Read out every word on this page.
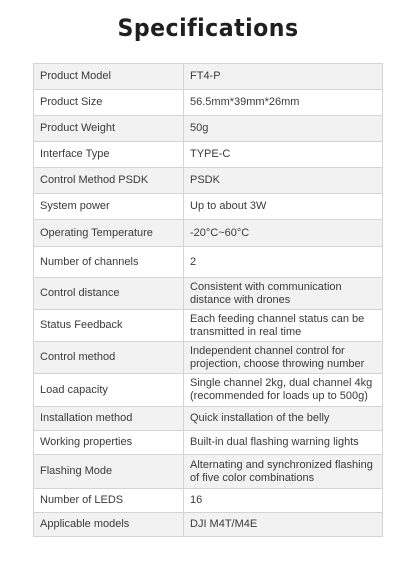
Specifications
Product Model	FT4-P
Product Size	56.5mm*39mm*26mm
Product Weight	50g
Interface Type	TYPE-C
Control Method PSDK	PSDK
System power	Up to about 3W
Operating Temperature	-20°C~60°C
Number of channels	2
Control distance	Consistent with communication distance with drones
Status Feedback	Each feeding channel status can be transmitted in real time
Control method	Independent channel control for projection, choose throwing number
Load capacity	Single channel 2kg, dual channel 4kg (recommended for loads up to 500g)
Installation method	Quick installation of the belly
Working properties	Built-in dual flashing warning lights
Flashing Mode	Alternating and synchronized flashing of five color combinations
Number of LEDS	16
Applicable models	DJI M4T/M4E
